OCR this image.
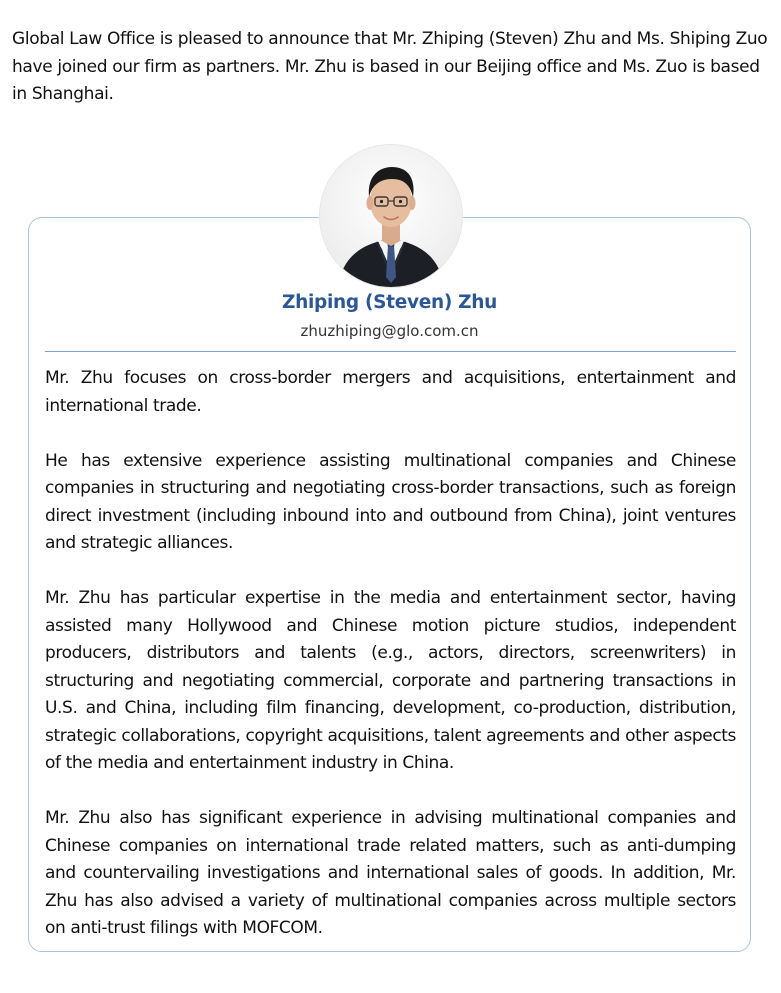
Global Law Office is pleased to announce that Mr. Zhiping (Steven) Zhu and Ms. Shiping Zuo have joined our firm as partners. Mr. Zhu is based in our Beijing office and Ms. Zuo is based in Shanghai.

Zhiping (Steven) Zhu
zhuzhiping@glo.com.cn

Mr. Zhu focuses on cross-border mergers and acquisitions, entertainment and international trade.

He has extensive experience assisting multinational companies and Chinese companies in structuring and negotiating cross-border transactions, such as foreign direct investment (including inbound into and outbound from China), joint ventures and strategic alliances.

Mr. Zhu has particular expertise in the media and entertainment sector, having assisted many Hollywood and Chinese motion picture studios, independent producers, distributors and talents (e.g., actors, directors, screenwriters) in structuring and negotiating commercial, corporate and partnering transactions in U.S. and China, including film financing, development, co-production, distribution, strategic collaborations, copyright acquisitions, talent agreements and other aspects of the media and entertainment industry in China.

Mr. Zhu also has significant experience in advising multinational companies and Chinese companies on international trade related matters, such as anti-dumping and countervailing investigations and international sales of goods. In addition, Mr. Zhu has also advised a variety of multinational companies across multiple sectors on anti-trust filings with MOFCOM.
